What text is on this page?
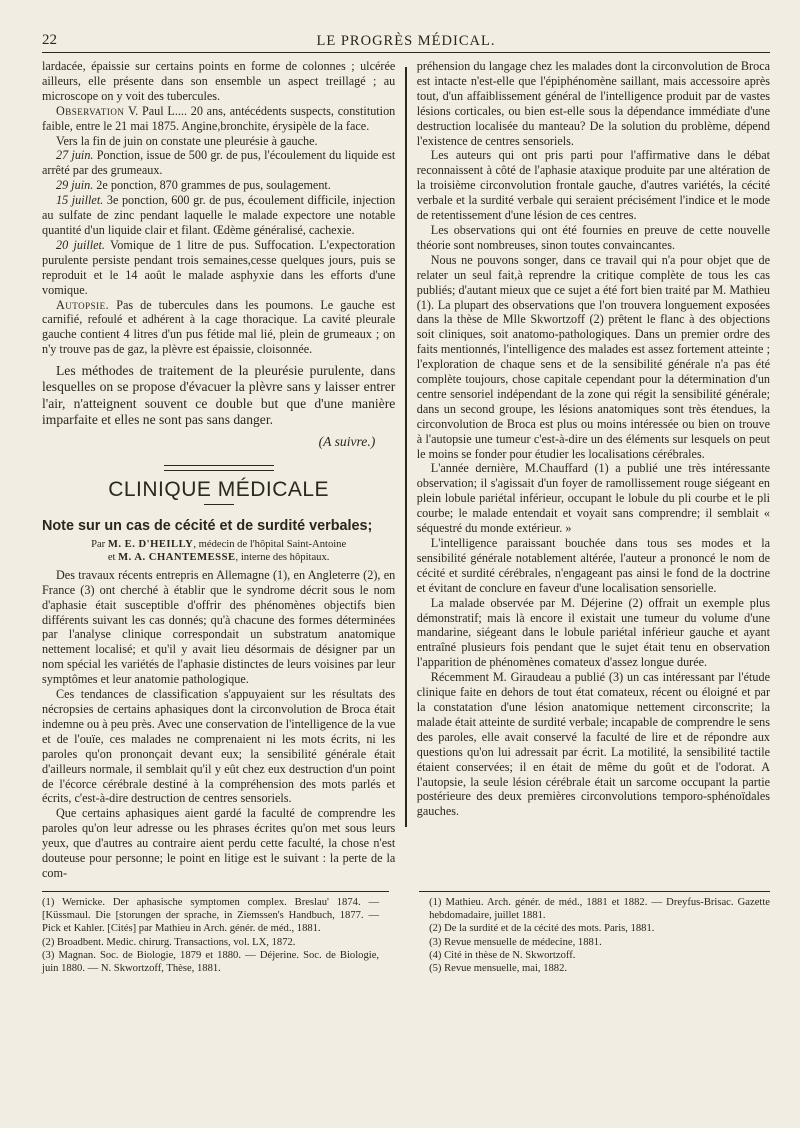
22	LE PROGRÈS MÉDICAL.

lardacée, épaissie sur certains points en forme de colonnes ; ulcérée ailleurs, elle présente dans son ensemble un aspect treillagé ; au microscope on y voit des tubercules.

Observation V. Paul L.... 20 ans, antécédents suspects, constitution faible, entre le 21 mai 1875. Angine,bronchite, érysipèle de la face.

Vers la fin de juin on constate une pleurésie à gauche.

27 juin. Ponction, issue de 500 gr. de pus, l'écoulement du liquide est arrêté par des grumeaux.

29 juin. 2e ponction, 870 grammes de pus, soulagement.

15 juillet. 3e ponction, 600 gr. de pus, écoulement difficile, injection au sulfate de zinc pendant laquelle le malade expectore une notable quantité d'un liquide clair et filant. Œdème généralisé, cachexie.

20 juillet. Vomique de 1 litre de pus. Suffocation. L'expectoration purulente persiste pendant trois semaines,cesse quelques jours, puis se reproduit et le 14 août le malade asphyxie dans les efforts d'une vomique.

Autopsie. Pas de tubercules dans les poumons. Le gauche est carnifié, refoulé et adhérent à la cage thoracique. La cavité pleurale gauche contient 4 litres d'un pus fétide mal lié, plein de grumeaux ; on n'y trouve pas de gaz, la plèvre est épaissie, cloisonnée.

Les méthodes de traitement de la pleurésie purulente, dans lesquelles on se propose d'évacuer la plèvre sans y laisser entrer l'air, n'atteignent souvent ce double but que d'une manière imparfaite et elles ne sont pas sans danger.

(A suivre.)
CLINIQUE MÉDICALE
Note sur un cas de cécité et de surdité verbales;
Par M. E. D'HEILLY, médecin de l'hôpital Saint-Antoine
et M. A. CHANTEMESSE, interne des hôpitaux.

Des travaux récents entrepris en Allemagne (1), en Angleterre (2), en France (3) ont cherché à établir que le syndrome décrit sous le nom d'aphasie était susceptible d'offrir des phénomènes objectifs bien différents suivant les cas donnés; qu'à chacune des formes déterminées par l'analyse clinique correspondait un substratum anatomique nettement localisé; et qu'il y avait lieu désormais de désigner par un nom spécial les variétés de l'aphasie distinctes de leurs voisines par leur symptômes et leur anatomie pathologique.

Ces tendances de classification s'appuyaient sur les résultats des nécropsies de certains aphasiques dont la circonvolution de Broca était indemne ou à peu près. Avec une conservation de l'intelligence de la vue et de l'ouïe, ces malades ne comprenaient ni les mots écrits, ni les paroles qu'on prononçait devant eux; la sensibilité générale était d'ailleurs normale, il semblait qu'il y eût chez eux destruction d'un point de l'écorce cérébrale destiné à la compréhension des mots parlés et écrits, c'est-à-dire destruction de centres sensoriels.

Que certains aphasiques aient gardé la faculté de comprendre les paroles qu'on leur adresse ou les phrases écrites qu'on met sous leurs yeux, que d'autres au contraire aient perdu cette faculté, la chose n'est douteuse pour personne; le point en litige est le suivant : la perte de la com-

préhension du langage chez les malades dont la circonvolution de Broca est intacte n'est-elle que l'épiphénomène saillant, mais accessoire après tout, d'un affaiblissement général de l'intelligence produit par de vastes lésions corticales, ou bien est-elle sous la dépendance immédiate d'une destruction localisée du manteau? De la solution du problème, dépend l'existence de centres sensoriels.

Les auteurs qui ont pris parti pour l'affirmative dans le débat reconnaissent à côté de l'aphasie ataxique produite par une altération de la troisième circonvolution frontale gauche, d'autres variétés, la cécité verbale et la surdité verbale qui seraient précisément l'indice et le mode de retentissement d'une lésion de ces centres.

Les observations qui ont été fournies en preuve de cette nouvelle théorie sont nombreuses, sinon toutes convaincantes.

Nous ne pouvons songer, dans ce travail qui n'a pour objet que de relater un seul fait,à reprendre la critique complète de tous les cas publiés; d'autant mieux que ce sujet a été fort bien traité par M. Mathieu (1). La plupart des observations que l'on trouvera longuement exposées dans la thèse de Mlle Skwortzoff (2) prêtent le flanc à des objections soit cliniques, soit anatomo-pathologiques. Dans un premier ordre des faits mentionnés, l'intelligence des malades est assez fortement atteinte ; l'exploration de chaque sens et de la sensibilité générale n'a pas été complète toujours, chose capitale cependant pour la détermination d'un centre sensoriel indépendant de la zone qui régit la sensibilité générale; dans un second groupe, les lésions anatomiques sont très étendues, la circonvolution de Broca est plus ou moins intéressée ou bien on trouve à l'autopsie une tumeur c'est-à-dire un des éléments sur lesquels on peut le moins se fonder pour étudier les localisations cérébrales.

L'année dernière, M.Chauffard (1) a publié une très intéressante observation; il s'agissait d'un foyer de ramollissement rouge siégeant en plein lobule pariétal inférieur, occupant le lobule du pli courbe et le pli courbe; le malade entendait et voyait sans comprendre; il semblait « séquestré du monde extérieur. »

L'intelligence paraissant bouchée dans tous ses modes et la sensibilité générale notablement altérée, l'auteur a prononcé le nom de cécité et surdité cérébrales, n'engageant pas ainsi le fond de la doctrine et évitant de conclure en faveur d'une localisation sensorielle.

La malade observée par M. Déjerine (2) offrait un exemple plus démonstratif; mais là encore il existait une tumeur du volume d'une mandarine, siégeant dans le lobule pariétal inférieur gauche et ayant entraîné plusieurs fois pendant que le sujet était tenu en observation l'apparition de phénomènes comateux d'assez longue durée.

Récemment M. Giraudeau a publié (3) un cas intéressant par l'étude clinique faite en dehors de tout état comateux, récent ou éloigné et par la constatation d'une lésion anatomique nettement circonscrite; la malade était atteinte de surdité verbale; incapable de comprendre le sens des paroles, elle avait conservé la faculté de lire et de répondre aux questions qu'on lui adressait par écrit. La motilité, la sensibilité tactile étaient conservées; il en était de même du goût et de l'odorat. A l'autopsie, la seule lésion cérébrale était un sarcome occupant la partie postérieure des deux premières circonvolutions temporo-sphénoïdales gauches.

(1) Wernicke. Der aphasische symptomen complex. Breslau' 1874. — [Küssmaul. Die [storungen der sprache, in Ziemssen's Handbuch, 1877. — Pick et Kahler. [Cités] par Mathieu in Arch. génér. de méd., 1881.

(2) Broadbent. Medic. chirurg. Transactions, vol. LX, 1872.

(3) Magnan. Soc. de Biologie, 1879 et 1880. — Déjerine. Soc. de Biologie, juin 1880. — N. Skwortzoff, Thèse, 1881.

(1) Mathieu. Arch. génér. de méd., 1881 et 1882. — Dreyfus-Brisac. Gazette hebdomadaire, juillet 1881.

(2) De la surdité et de la cécité des mots. Paris, 1881.

(3) Revue mensuelle de médecine, 1881.

(4) Cité in thèse de N. Skwortzoff.

(5) Revue mensuelle, mai, 1882.
